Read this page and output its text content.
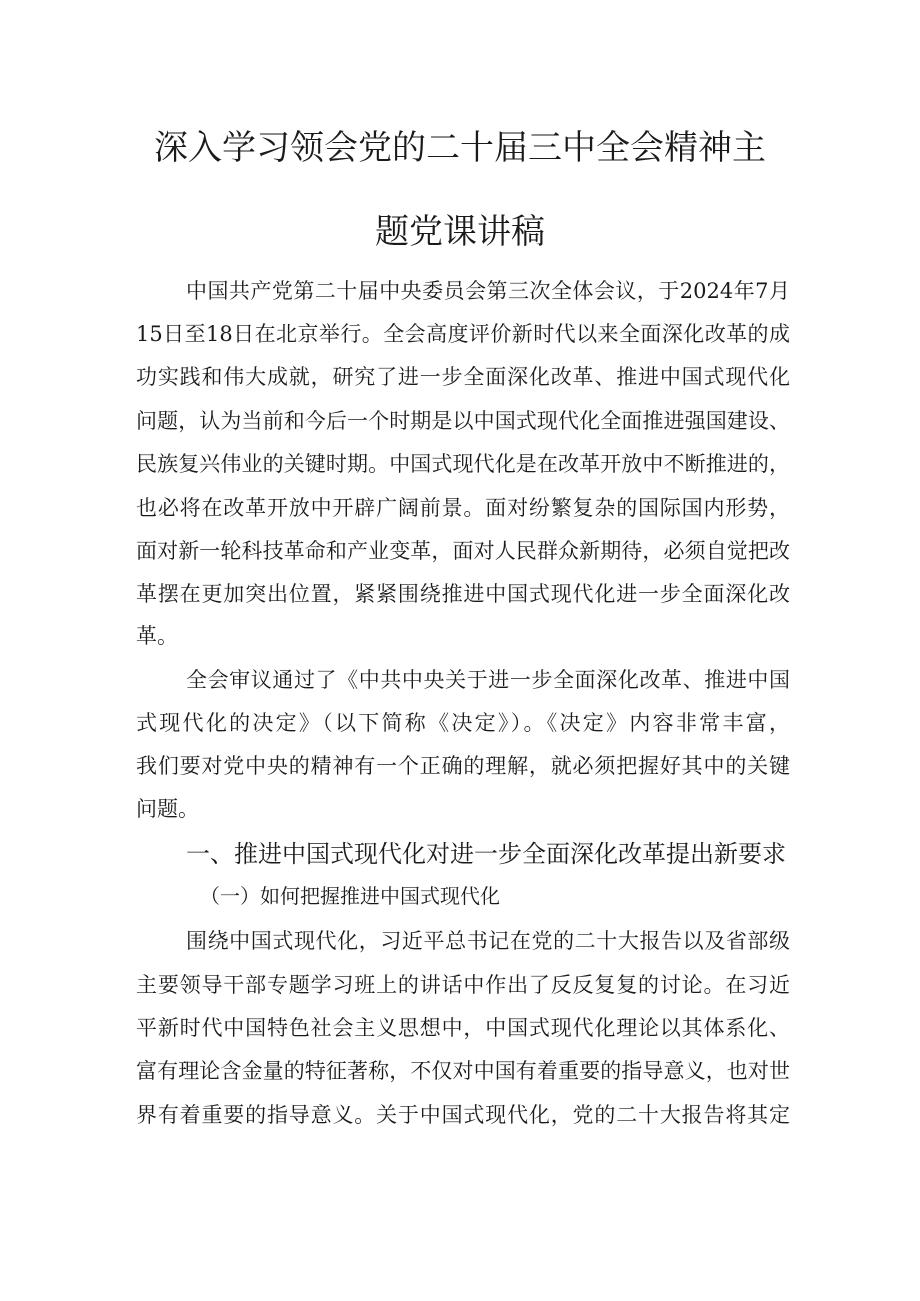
深入学习领会党的二十届三中全会精神主
题党课讲稿
中国共产党第二十届中央委员会第三次全体会议，于2024年7月
15日至18日在北京举行。全会高度评价新时代以来全面深化改革的成
功实践和伟大成就，研究了进一步全面深化改革、推进中国式现代化
问题，认为当前和今后一个时期是以中国式现代化全面推进强国建设、
民族复兴伟业的关键时期。中国式现代化是在改革开放中不断推进的，
也必将在改革开放中开辟广阔前景。面对纷繁复杂的国际国内形势，
面对新一轮科技革命和产业变革，面对人民群众新期待，必须自觉把改
革摆在更加突出位置，紧紧围绕推进中国式现代化进一步全面深化改
革。
全会审议通过了《中共中央关于进一步全面深化改革、推进中国
式现代化的决定》（以下简称《决定》）。《决定》内容非常丰富，
我们要对党中央的精神有一个正确的理解，就必须把握好其中的关键
问题。
一、推进中国式现代化对进一步全面深化改革提出新要求
（一）如何把握推进中国式现代化
围绕中国式现代化，习近平总书记在党的二十大报告以及省部级
主要领导干部专题学习班上的讲话中作出了反反复复的讨论。在习近
平新时代中国特色社会主义思想中，中国式现代化理论以其体系化、
富有理论含金量的特征著称，不仅对中国有着重要的指导意义，也对世
界有着重要的指导意义。关于中国式现代化，党的二十大报告将其定
